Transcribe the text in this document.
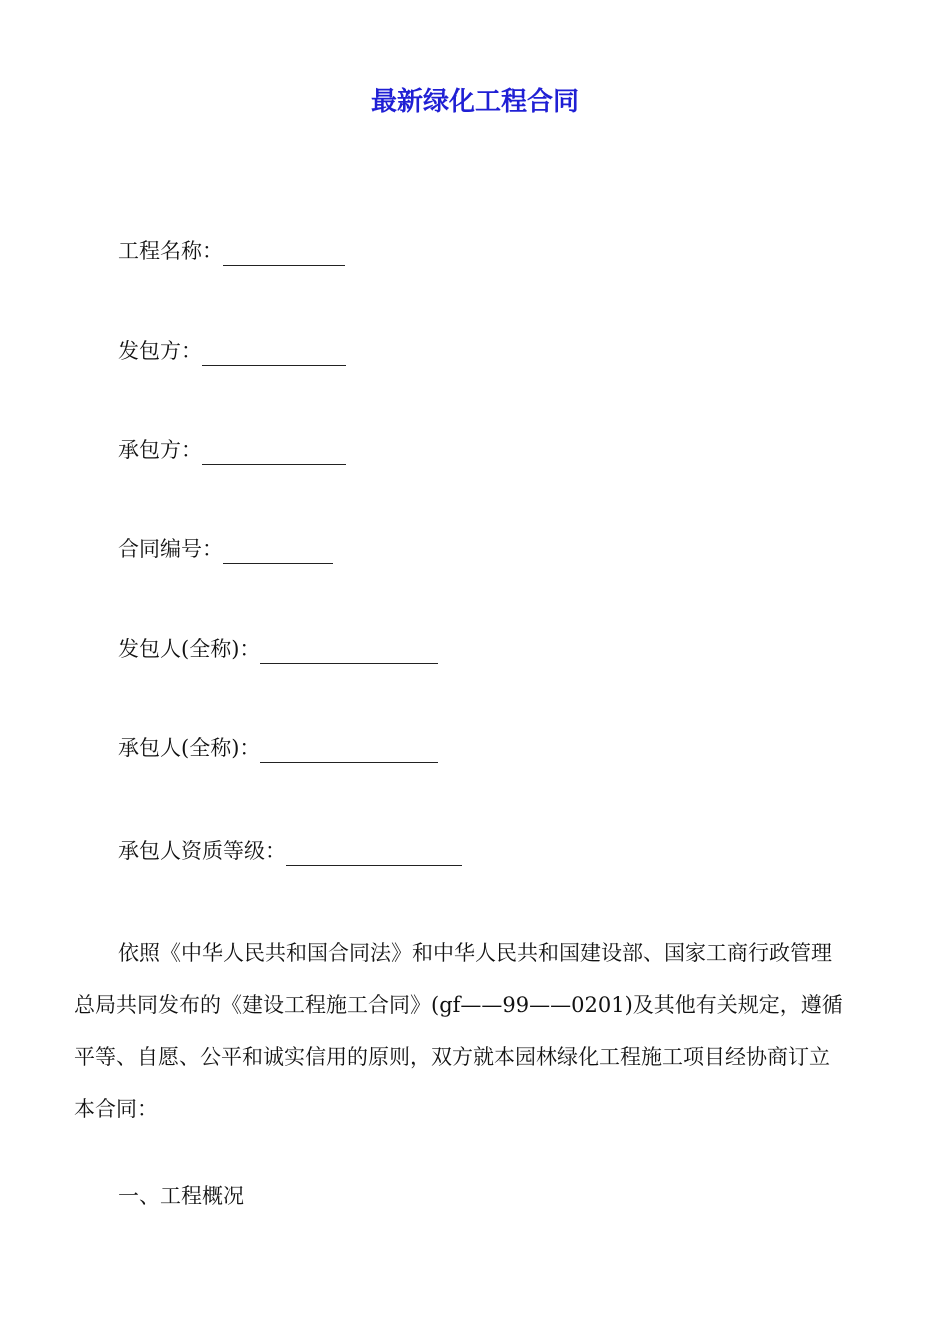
最新绿化工程合同
工程名称：
发包方：
承包方：
合同编号：
发包人(全称)：
承包人(全称)：
承包人资质等级：
依照《中华人民共和国合同法》和中华人民共和国建设部、国家工商行政管理
总局共同发布的《建设工程施工合同》(gf——99——0201)及其他有关规定，遵循
平等、自愿、公平和诚实信用的原则，双方就本园林绿化工程施工项目经协商订立
本合同：
一、工程概况
